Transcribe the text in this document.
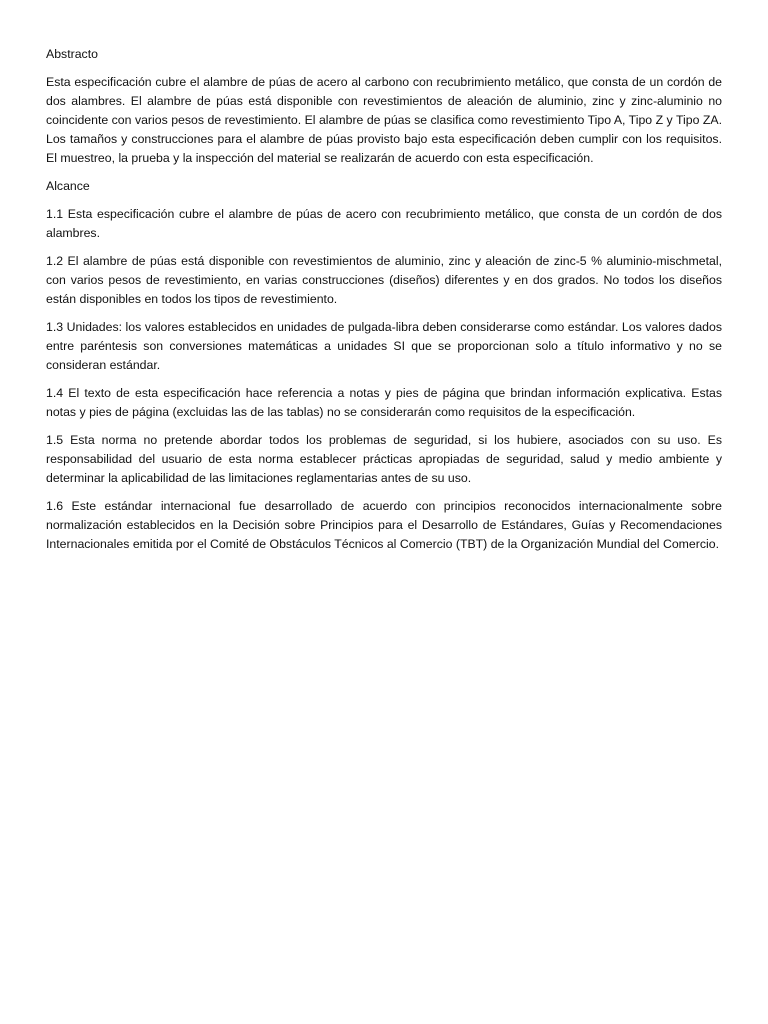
Abstracto

Esta especificación cubre el alambre de púas de acero al carbono con recubrimiento metálico, que consta de un cordón de dos alambres. El alambre de púas está disponible con revestimientos de aleación de aluminio, zinc y zinc-aluminio no coincidente con varios pesos de revestimiento. El alambre de púas se clasifica como revestimiento Tipo A, Tipo Z y Tipo ZA. Los tamaños y construcciones para el alambre de púas provisto bajo esta especificación deben cumplir con los requisitos. El muestreo, la prueba y la inspección del material se realizarán de acuerdo con esta especificación.

Alcance

1.1 Esta especificación cubre el alambre de púas de acero con recubrimiento metálico, que consta de un cordón de dos alambres.

1.2 El alambre de púas está disponible con revestimientos de aluminio, zinc y aleación de zinc-5 % aluminio-mischmetal, con varios pesos de revestimiento, en varias construcciones (diseños) diferentes y en dos grados. No todos los diseños están disponibles en todos los tipos de revestimiento.

1.3 Unidades: los valores establecidos en unidades de pulgada-libra deben considerarse como estándar. Los valores dados entre paréntesis son conversiones matemáticas a unidades SI que se proporcionan solo a título informativo y no se consideran estándar.

1.4 El texto de esta especificación hace referencia a notas y pies de página que brindan información explicativa. Estas notas y pies de página (excluidas las de las tablas) no se considerarán como requisitos de la especificación.

1.5 Esta norma no pretende abordar todos los problemas de seguridad, si los hubiere, asociados con su uso. Es responsabilidad del usuario de esta norma establecer prácticas apropiadas de seguridad, salud y medio ambiente y determinar la aplicabilidad de las limitaciones reglamentarias antes de su uso.

1.6 Este estándar internacional fue desarrollado de acuerdo con principios reconocidos internacionalmente sobre normalización establecidos en la Decisión sobre Principios para el Desarrollo de Estándares, Guías y Recomendaciones Internacionales emitida por el Comité de Obstáculos Técnicos al Comercio (TBT) de la Organización Mundial del Comercio.
